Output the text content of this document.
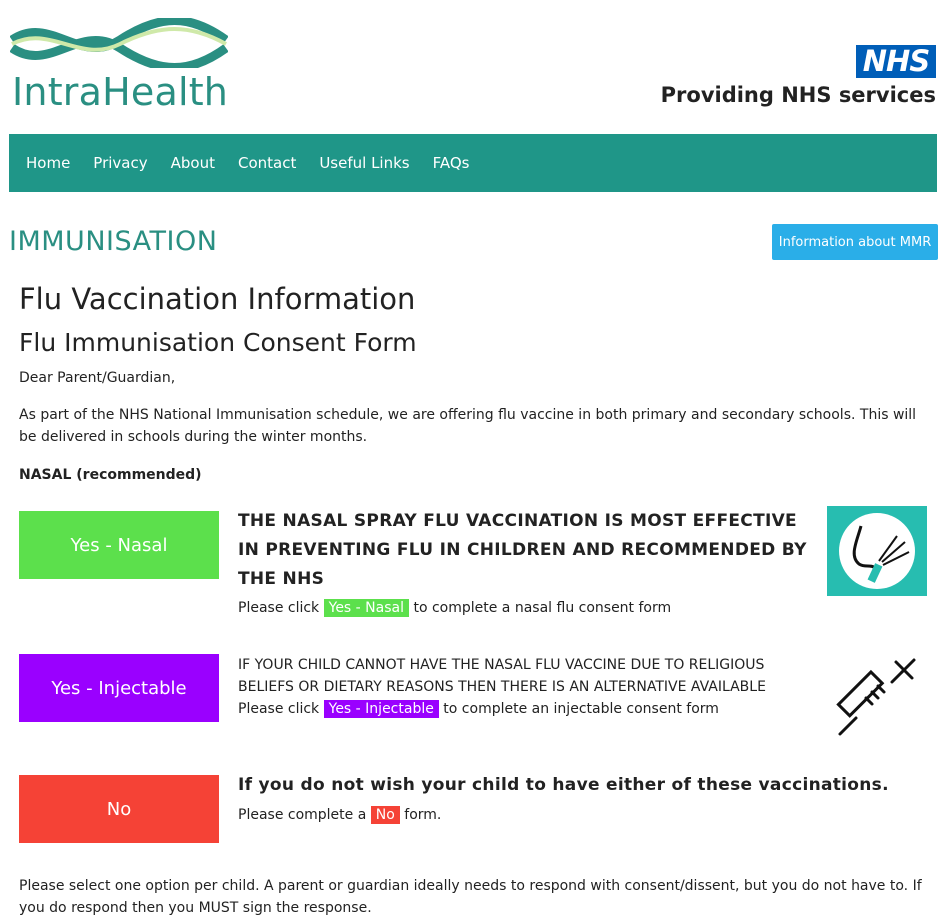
IntraHealth
NHS
Providing NHS services
Home Privacy About Contact Useful Links FAQs
IMMUNISATION	Information about MMR
Flu Vaccination Information
Flu Immunisation Consent Form
Dear Parent/Guardian,
As part of the NHS National Immunisation schedule, we are offering flu vaccine in both primary and secondary schools. This will be delivered in schools during the winter months.
NASAL (recommended)
Yes - Nasal
THE NASAL SPRAY FLU VACCINATION IS MOST EFFECTIVE IN PREVENTING FLU IN CHILDREN AND RECOMMENDED BY THE NHS
Please click Yes - Nasal to complete a nasal flu consent form
Yes - Injectable
IF YOUR CHILD CANNOT HAVE THE NASAL FLU VACCINE DUE TO RELIGIOUS BELIEFS OR DIETARY REASONS THEN THERE IS AN ALTERNATIVE AVAILABLE
Please click Yes - Injectable to complete an injectable consent form
No
If you do not wish your child to have either of these vaccinations.
Please complete a No form.
Please select one option per child. A parent or guardian ideally needs to respond with consent/dissent, but you do not have to. If you do respond then you MUST sign the response.
